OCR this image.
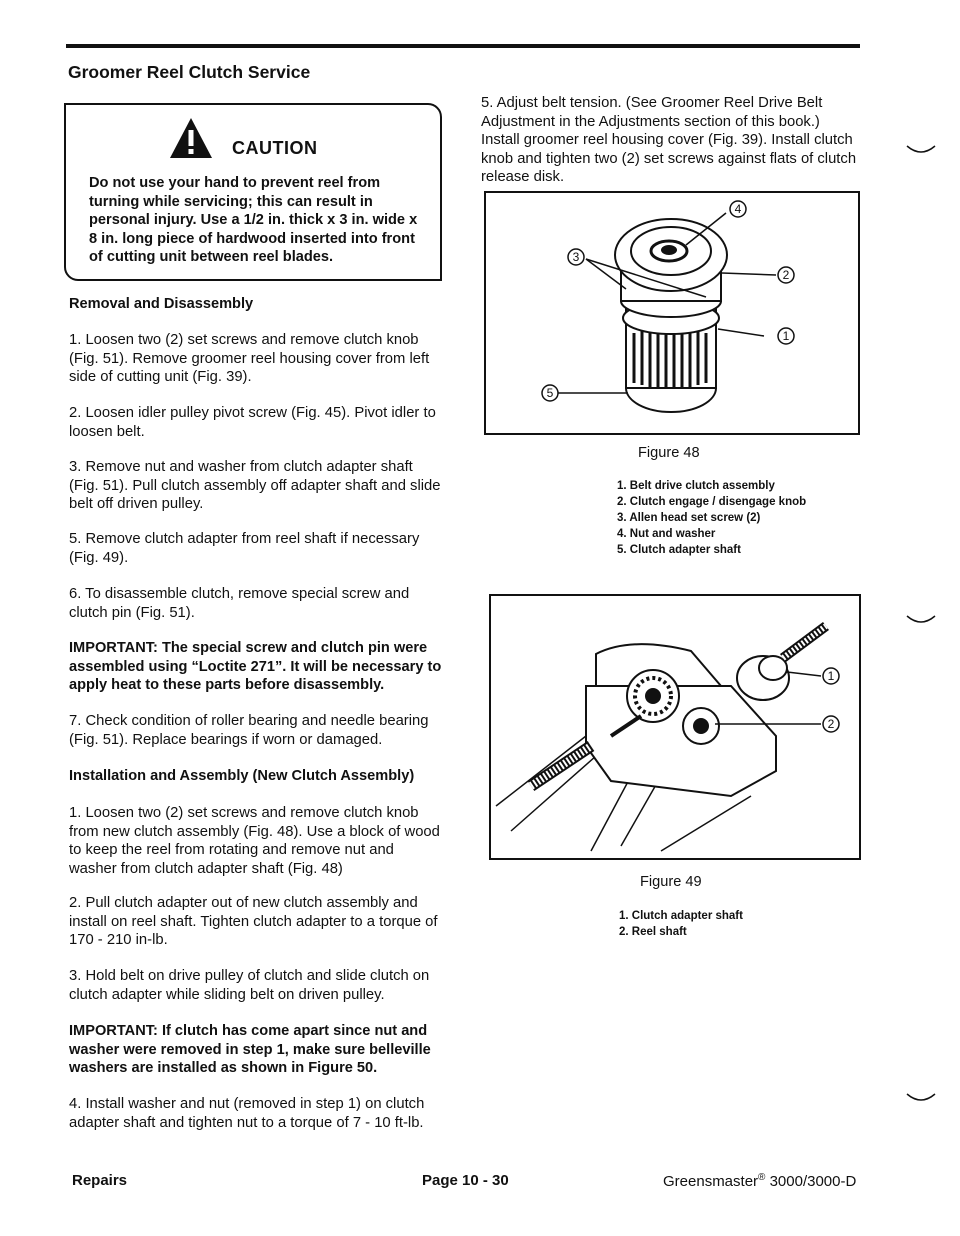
Groomer Reel Clutch Service
CAUTION
Do not use your hand to prevent reel from turning while servicing; this can result in personal injury. Use a 1/2 in. thick x 3 in. wide x 8 in. long piece of hardwood inserted into front of cutting unit between reel blades.
Removal and Disassembly
1. Loosen two (2) set screws and remove clutch knob (Fig. 51). Remove groomer reel housing cover from left side of cutting unit (Fig. 39).
2. Loosen idler pulley pivot screw (Fig. 45). Pivot idler to loosen belt.
3. Remove nut and washer from clutch adapter shaft (Fig. 51). Pull clutch assembly off adapter shaft and slide belt off driven pulley.
5. Remove clutch adapter from reel shaft if necessary (Fig. 49).
6. To disassemble clutch, remove special screw and clutch pin (Fig. 51).
IMPORTANT: The special screw and clutch pin were assembled using “Loctite 271”. It will be necessary to apply heat to these parts before disassembly.
7. Check condition of roller bearing and needle bearing (Fig. 51). Replace bearings if worn or damaged.
Installation and Assembly (New Clutch Assembly)
1. Loosen two (2) set screws and remove clutch knob from new clutch assembly (Fig. 48). Use a block of wood to keep the reel from rotating and remove nut and washer from clutch adapter shaft (Fig. 48)
2. Pull clutch adapter out of new clutch assembly and install on reel shaft. Tighten clutch adapter to a torque of 170 - 210 in-lb.
3. Hold belt on drive pulley of clutch and slide clutch on clutch adapter while sliding belt on driven pulley.
IMPORTANT: If clutch has come apart since nut and washer were removed in step 1, make sure belleville washers are installed as shown in Figure 50.
4. Install washer and nut (removed in step 1) on clutch adapter shaft and tighten nut to a torque of 7 - 10 ft-lb.
5. Adjust belt tension. (See Groomer Reel Drive Belt Adjustment in the Adjustments section of this book.) Install groomer reel housing cover (Fig. 39). Install clutch knob and tighten two (2) set screws against flats of clutch release disk.
1
2
3
4
5
Figure 48
1. Belt drive clutch assembly
2. Clutch engage / disengage knob
3. Allen head set screw (2)
4. Nut and washer
5. Clutch adapter shaft
1
2
Figure 49
1. Clutch adapter shaft
2. Reel shaft
Repairs	Page 10 - 30	Greensmaster® 3000/3000-D
